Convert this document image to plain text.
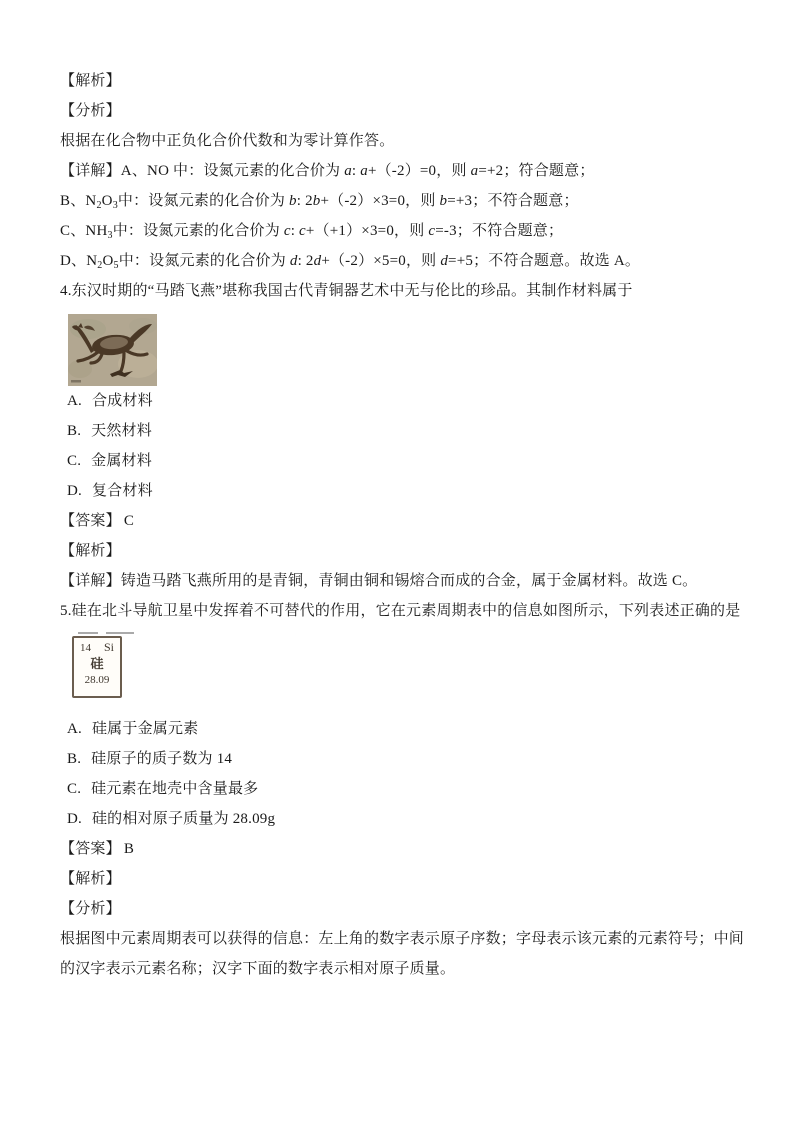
【解析】

【分析】

根据在化合物中正负化合价代数和为零计算作答。

【详解】A、NO 中：设氮元素的化合价为 a: a+（-2）=0，则 a=+2；符合题意；

B、$N_2O_3$中：设氮元素的化合价为 b: 2b+（-2）×3=0，则 b=+3；不符合题意；

C、$NH_3$中：设氮元素的化合价为 c: c+（+1）×3=0，则 c=-3；不符合题意；

D、$N_2O_5$中：设氮元素的化合价为 d: 2d+（-2）×5=0，则 d=+5；不符合题意。故选 A。

4.东汉时期的“马踏飞燕”堪称我国古代青铜器艺术中无与伦比的珍品。其制作材料属于

A. 合成材料

B. 天然材料

C. 金属材料

D. 复合材料

【答案】 C

【解析】

【详解】铸造马踏飞燕所用的是青铜，青铜由铜和锡熔合而成的合金，属于金属材料。故选 C。

5.硅在北斗导航卫星中发挥着不可替代的作用，它在元素周期表中的信息如图所示，下列表述正确的是

14 Si
硅
28.09

A. 硅属于金属元素

B. 硅原子的质子数为 14

C. 硅元素在地壳中含量最多

D. 硅的相对原子质量为 28.09g

【答案】 B

【解析】

【分析】

根据图中元素周期表可以获得的信息：左上角的数字表示原子序数；字母表示该元素的元素符号；中间的汉字表示元素名称；汉字下面的数字表示相对原子质量。
